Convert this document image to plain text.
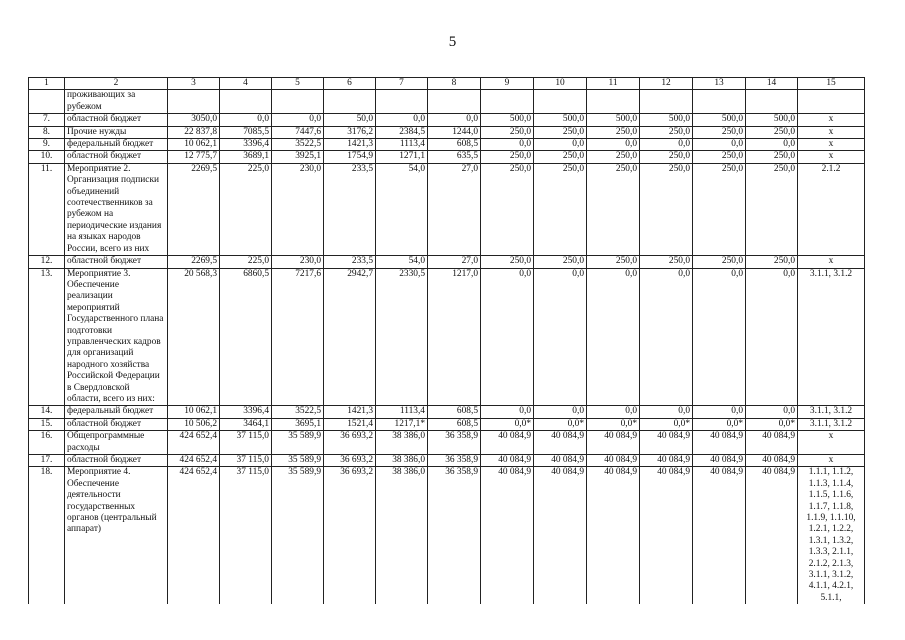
5
1	2	3	4	5	6	7	8	9	10	11	12	13	14	15
	проживающих за рубежом													
7.	областной бюджет	3050,0	0,0	0,0	50,0	0,0	0,0	500,0	500,0	500,0	500,0	500,0	500,0	x
8.	Прочие нужды	22 837,8	7085,5	7447,6	3176,2	2384,5	1244,0	250,0	250,0	250,0	250,0	250,0	250,0	x
9.	федеральный бюджет	10 062,1	3396,4	3522,5	1421,3	1113,4	608,5	0,0	0,0	0,0	0,0	0,0	0,0	x
10.	областной бюджет	12 775,7	3689,1	3925,1	1754,9	1271,1	635,5	250,0	250,0	250,0	250,0	250,0	250,0	x
11.	Мероприятие 2. Организация подписки объединений соотечественников за рубежом на периодические издания на языках народов России, всего из них	2269,5	225,0	230,0	233,5	54,0	27,0	250,0	250,0	250,0	250,0	250,0	250,0	2.1.2
12.	областной бюджет	2269,5	225,0	230,0	233,5	54,0	27,0	250,0	250,0	250,0	250,0	250,0	250,0	x
13.	Мероприятие 3. Обеспечение реализации мероприятий Государственного плана подготовки управленческих кадров для организаций народного хозяйства Российской Федерации в Свердловской области, всего из них:	20 568,3	6860,5	7217,6	2942,7	2330,5	1217,0	0,0	0,0	0,0	0,0	0,0	0,0	3.1.1, 3.1.2
14.	федеральный бюджет	10 062,1	3396,4	3522,5	1421,3	1113,4	608,5	0,0	0,0	0,0	0,0	0,0	0,0	3.1.1, 3.1.2
15.	областной бюджет	10 506,2	3464,1	3695,1	1521,4	1217,1*	608,5	0,0*	0,0*	0,0*	0,0*	0,0*	0,0*	3.1.1, 3.1.2
16.	Общепрограммные расходы	424 652,4	37 115,0	35 589,9	36 693,2	38 386,0	36 358,9	40 084,9	40 084,9	40 084,9	40 084,9	40 084,9	40 084,9	x
17.	областной бюджет	424 652,4	37 115,0	35 589,9	36 693,2	38 386,0	36 358,9	40 084,9	40 084,9	40 084,9	40 084,9	40 084,9	40 084,9	x
18.	Мероприятие 4. Обеспечение деятельности государственных органов (центральный аппарат)	424 652,4	37 115,0	35 589,9	36 693,2	38 386,0	36 358,9	40 084,9	40 084,9	40 084,9	40 084,9	40 084,9	40 084,9	1.1.1, 1.1.2, 1.1.3, 1.1.4, 1.1.5, 1.1.6, 1.1.7, 1.1.8, 1.1.9, 1.1.10, 1.2.1, 1.2.2, 1.3.1, 1.3.2, 1.3.3, 2.1.1, 2.1.2, 2.1.3, 3.1.1, 3.1.2, 4.1.1, 4.2.1, 5.1.1,
